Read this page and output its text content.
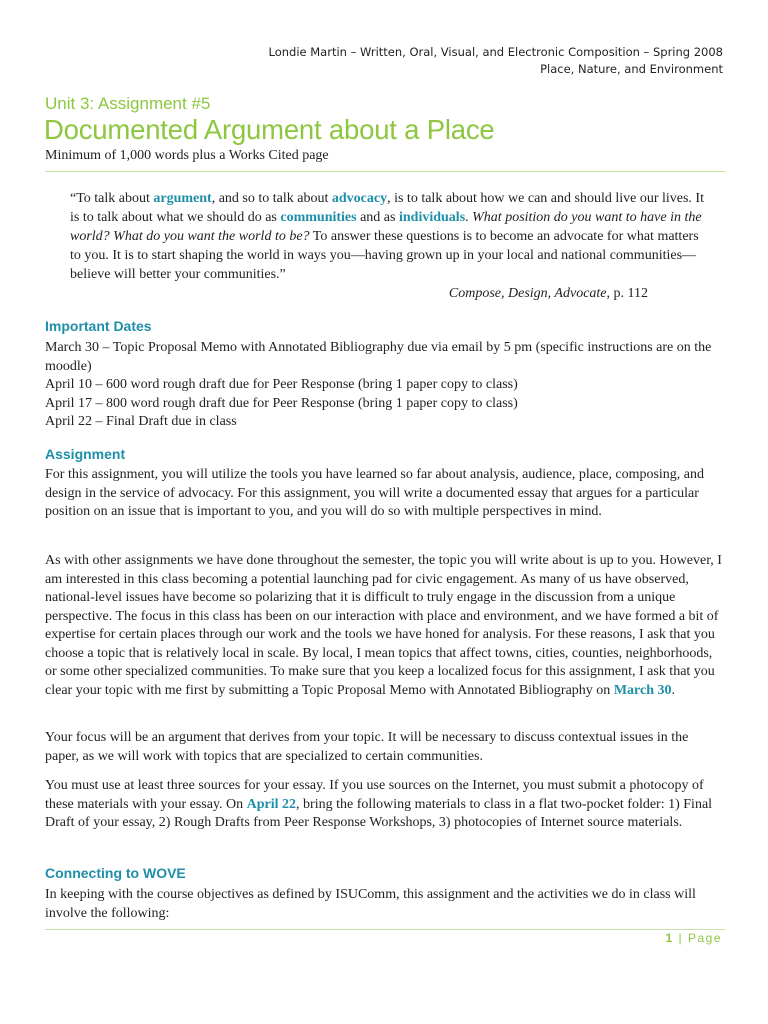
Londie Martin – Written, Oral, Visual, and Electronic Composition – Spring 2008
Place, Nature, and Environment
Unit 3: Assignment #5
Documented Argument about a Place
Minimum of 1,000 words plus a Works Cited page
“To talk about argument, and so to talk about advocacy, is to talk about how we can and should live our lives. It is to talk about what we should do as communities and as individuals. What position do you want to have in the world? What do you want the world to be? To answer these questions is to become an advocate for what matters to you. It is to start shaping the world in ways you—having grown up in your local and national communities—believe will better your communities.”
Compose, Design, Advocate, p. 112
Important Dates

March 30 – Topic Proposal Memo with Annotated Bibliography due via email by 5 pm (specific instructions are on the moodle)

April 10 – 600 word rough draft due for Peer Response (bring 1 paper copy to class)

April 17 – 800 word rough draft due for Peer Response (bring 1 paper copy to class)

April 22 – Final Draft due in class

Assignment
For this assignment, you will utilize the tools you have learned so far about analysis, audience, place, composing, and design in the service of advocacy. For this assignment, you will write a documented essay that argues for a particular position on an issue that is important to you, and you will do so with multiple perspectives in mind.
As with other assignments we have done throughout the semester, the topic you will write about is up to you. However, I am interested in this class becoming a potential launching pad for civic engagement. As many of us have observed, national-level issues have become so polarizing that it is difficult to truly engage in the discussion from a unique perspective. The focus in this class has been on our interaction with place and environment, and we have formed a bit of expertise for certain places through our work and the tools we have honed for analysis. For these reasons, I ask that you choose a topic that is relatively local in scale. By local, I mean topics that affect towns, cities, counties, neighborhoods, or some other specialized communities. To make sure that you keep a localized focus for this assignment, I ask that you clear your topic with me first by submitting a Topic Proposal Memo with Annotated Bibliography on March 30.
Your focus will be an argument that derives from your topic. It will be necessary to discuss contextual issues in the paper, as we will work with topics that are specialized to certain communities.
You must use at least three sources for your essay. If you use sources on the Internet, you must submit a photocopy of these materials with your essay. On April 22, bring the following materials to class in a flat two-pocket folder: 1) Final Draft of your essay, 2) Rough Drafts from Peer Response Workshops, 3) photocopies of Internet source materials.
Connecting to WOVE
In keeping with the course objectives as defined by ISUComm, this assignment and the activities we do in class will involve the following:
1 | Page
